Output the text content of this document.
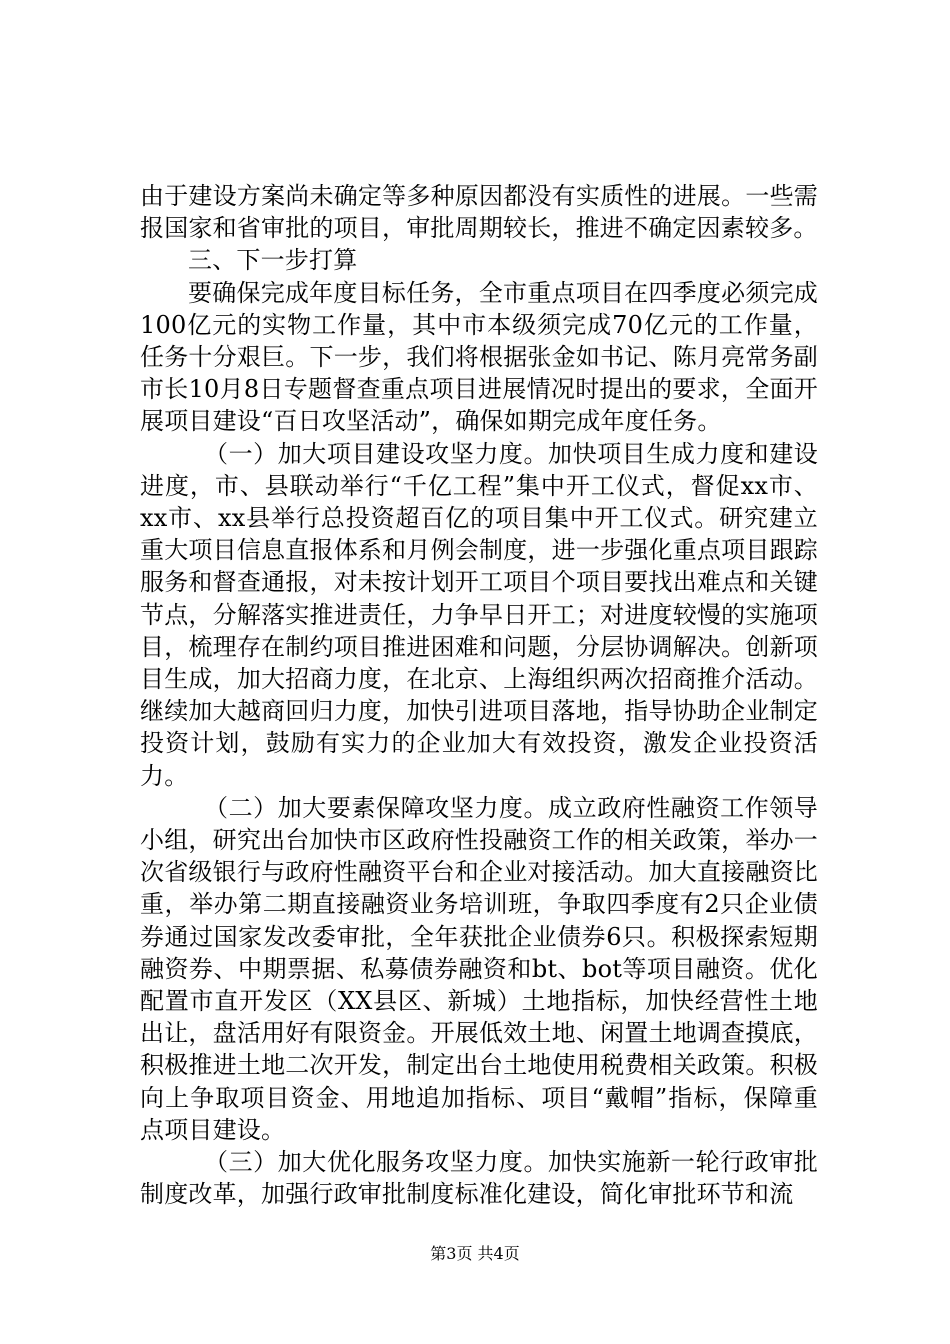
由于建设方案尚未确定等多种原因都没有实质性的进展。一些需报国家和省审批的项目，审批周期较长，推进不确定因素较多。

三、下一步打算

要确保完成年度目标任务，全市重点项目在四季度必须完成100亿元的实物工作量，其中市本级须完成70亿元的工作量，任务十分艰巨。下一步，我们将根据张金如书记、陈月亮常务副市长10月8日专题督查重点项目进展情况时提出的要求，全面开展项目建设“百日攻坚活动”，确保如期完成年度任务。

（一）加大项目建设攻坚力度。加快项目生成力度和建设进度，市、县联动举行“千亿工程”集中开工仪式，督促xx市、xx市、xx县举行总投资超百亿的项目集中开工仪式。研究建立重大项目信息直报体系和月例会制度，进一步强化重点项目跟踪服务和督查通报，对未按计划开工项目个项目要找出难点和关键节点，分解落实推进责任，力争早日开工；对进度较慢的实施项目，梳理存在制约项目推进困难和问题，分层协调解决。创新项目生成，加大招商力度，在北京、上海组织两次招商推介活动。继续加大越商回归力度，加快引进项目落地，指导协助企业制定投资计划，鼓励有实力的企业加大有效投资，激发企业投资活力。

（二）加大要素保障攻坚力度。成立政府性融资工作领导小组，研究出台加快市区政府性投融资工作的相关政策，举办一次省级银行与政府性融资平台和企业对接活动。加大直接融资比重，举办第二期直接融资业务培训班，争取四季度有2只企业债券通过国家发改委审批，全年获批企业债券6只。积极探索短期融资券、中期票据、私募债券融资和bt、bot等项目融资。优化配置市直开发区（XX县区、新城）土地指标，加快经营性土地出让，盘活用好有限资金。开展低效土地、闲置土地调查摸底，积极推进土地二次开发，制定出台土地使用税费相关政策。积极向上争取项目资金、用地追加指标、项目“戴帽”指标，保障重点项目建设。

（三）加大优化服务攻坚力度。加快实施新一轮行政审批制度改革，加强行政审批制度标准化建设，简化审批环节和流

第3页 共4页
